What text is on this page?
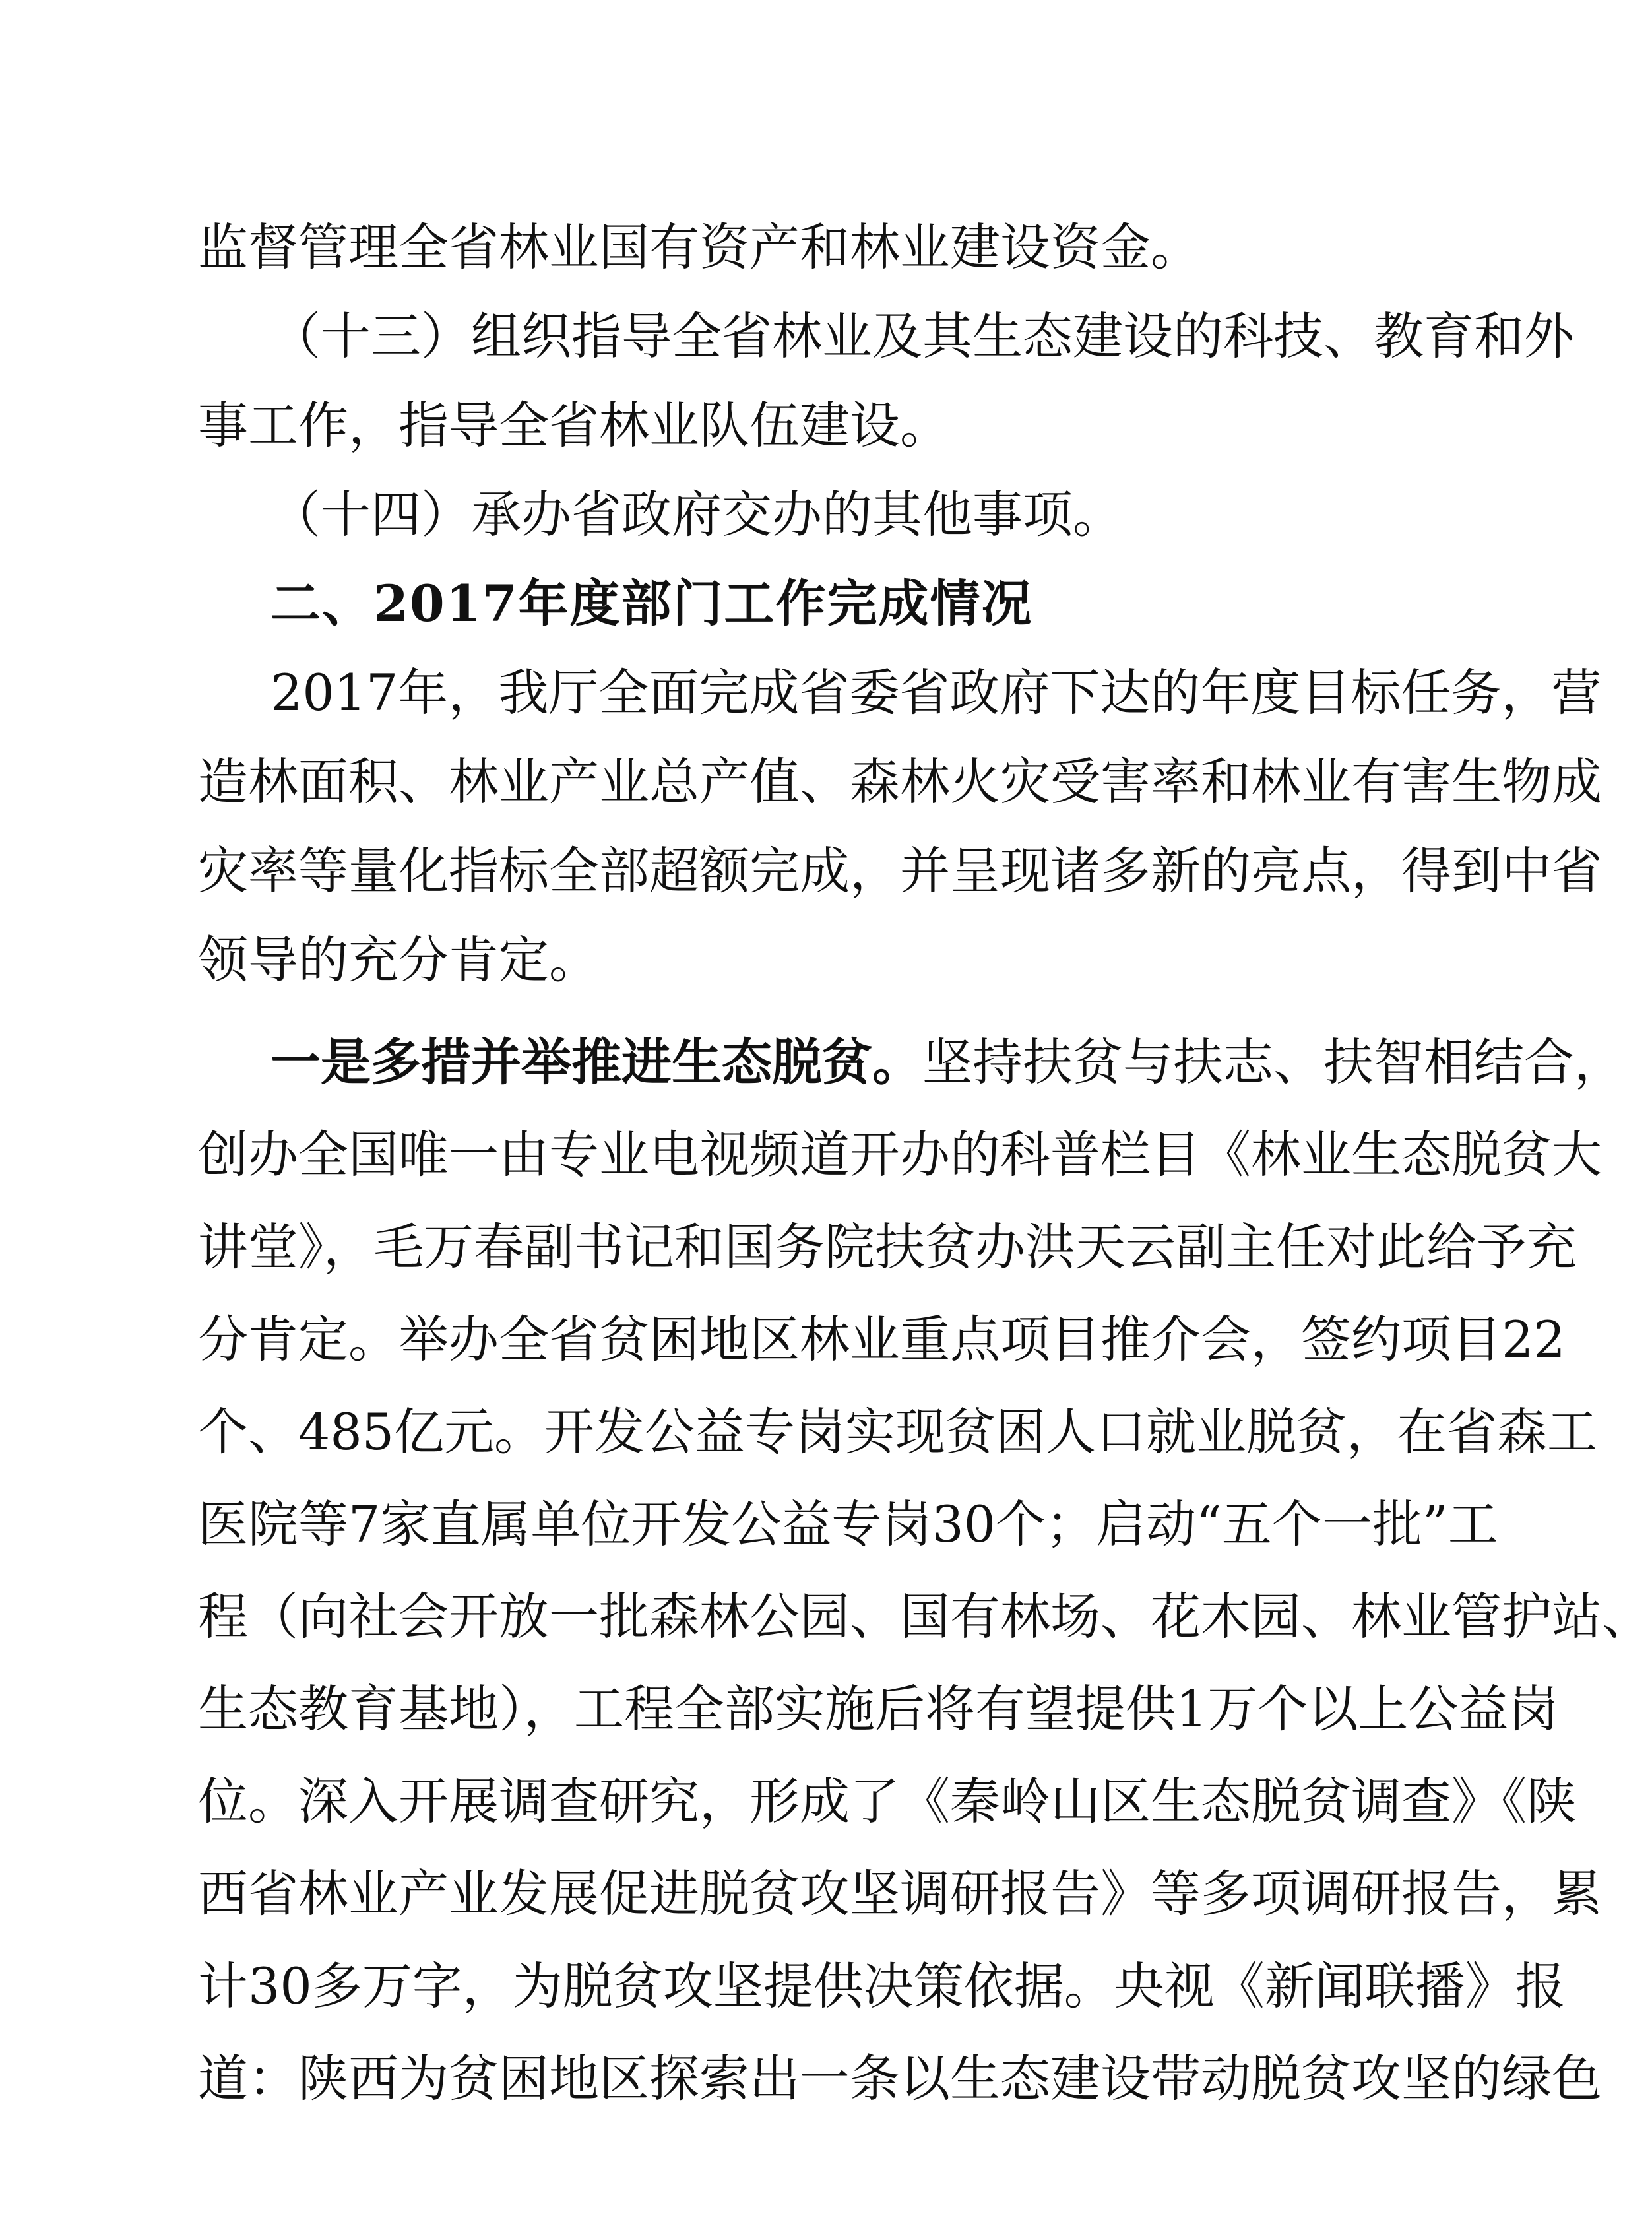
监督管理全省林业国有资产和林业建设资金。
（十三）组织指导全省林业及其生态建设的科技、教育和外
事工作，指导全省林业队伍建设。
（十四）承办省政府交办的其他事项。
二、2017年度部门工作完成情况
2017年，我厅全面完成省委省政府下达的年度目标任务，营
造林面积、林业产业总产值、森林火灾受害率和林业有害生物成
灾率等量化指标全部超额完成，并呈现诸多新的亮点，得到中省
领导的充分肯定。
一是多措并举推进生态脱贫。坚持扶贫与扶志、扶智相结合，
创办全国唯一由专业电视频道开办的科普栏目《林业生态脱贫大
讲堂》，毛万春副书记和国务院扶贫办洪天云副主任对此给予充
分肯定。举办全省贫困地区林业重点项目推介会，签约项目22
个、485亿元。开发公益专岗实现贫困人口就业脱贫，在省森工
医院等7家直属单位开发公益专岗30个；启动“五个一批”工
程（向社会开放一批森林公园、国有林场、花木园、林业管护站、
生态教育基地），工程全部实施后将有望提供1万个以上公益岗
位。深入开展调查研究，形成了《秦岭山区生态脱贫调查》《陕
西省林业产业发展促进脱贫攻坚调研报告》等多项调研报告，累
计30多万字，为脱贫攻坚提供决策依据。央视《新闻联播》报
道：陕西为贫困地区探索出一条以生态建设带动脱贫攻坚的绿色
